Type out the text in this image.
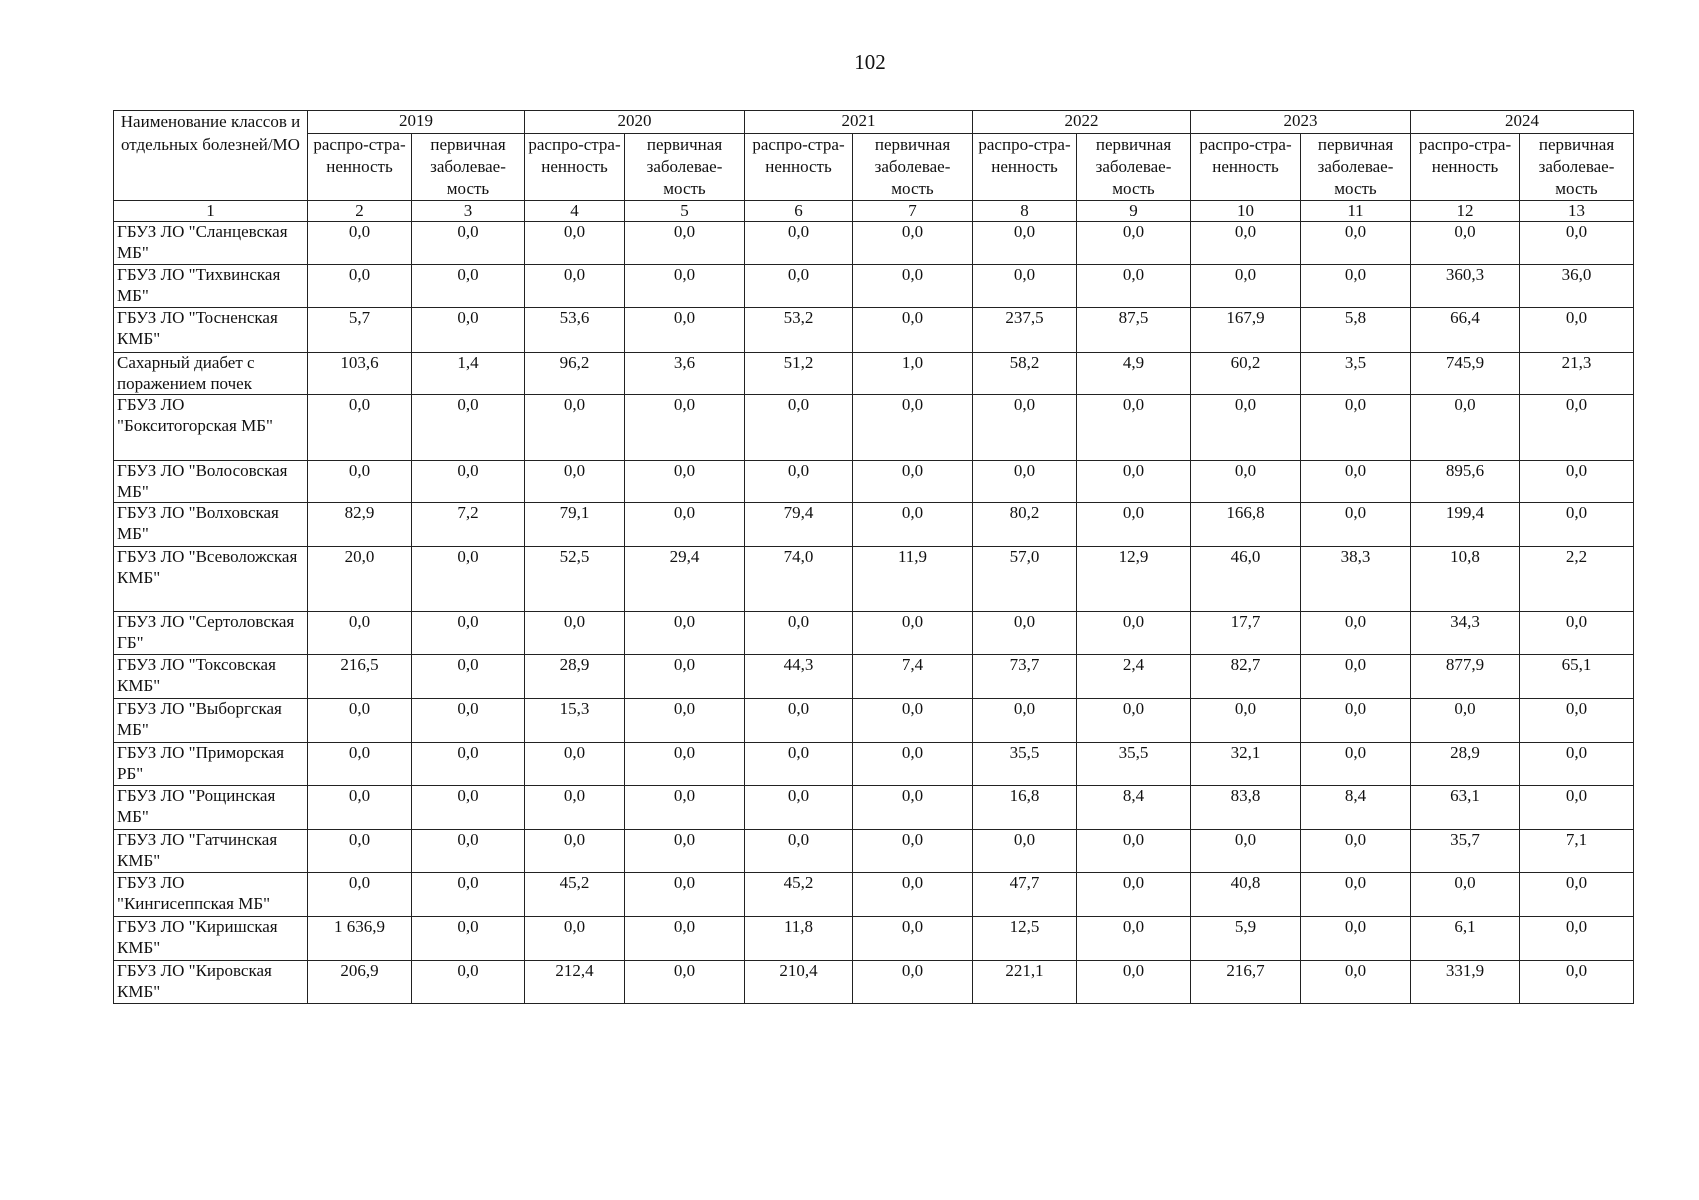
102
Наименование классов и отдельных болезней/МО	2019		2020		2021		2022		2023		2024	
	распро-стра-ненность	первичная заболевае-мость	распро-стра-ненность	первичная заболевае-мость	распро-стра-ненность	первичная заболевае-мость	распро-стра-ненность	первичная заболевае-мость	распро-стра-ненность	первичная заболевае-мость	распро-стра-ненность	первичная заболевае-мость
1	2	3	4	5	6	7	8	9	10	11	12	13
ГБУЗ ЛО "Сланцевская МБ"	0,0	0,0	0,0	0,0	0,0	0,0	0,0	0,0	0,0	0,0	0,0	0,0
ГБУЗ ЛО "Тихвинская МБ"	0,0	0,0	0,0	0,0	0,0	0,0	0,0	0,0	0,0	0,0	360,3	36,0
ГБУЗ ЛО "Тосненская КМБ"	5,7	0,0	53,6	0,0	53,2	0,0	237,5	87,5	167,9	5,8	66,4	0,0
Сахарный диабет с поражением почек	103,6	1,4	96,2	3,6	51,2	1,0	58,2	4,9	60,2	3,5	745,9	21,3
ГБУЗ ЛО "Бокситогорская МБ"	0,0	0,0	0,0	0,0	0,0	0,0	0,0	0,0	0,0	0,0	0,0	0,0
ГБУЗ ЛО "Волосовская МБ"	0,0	0,0	0,0	0,0	0,0	0,0	0,0	0,0	0,0	0,0	895,6	0,0
ГБУЗ ЛО "Волховская МБ"	82,9	7,2	79,1	0,0	79,4	0,0	80,2	0,0	166,8	0,0	199,4	0,0
ГБУЗ ЛО "Всеволожская КМБ"	20,0	0,0	52,5	29,4	74,0	11,9	57,0	12,9	46,0	38,3	10,8	2,2
ГБУЗ ЛО "Сертоловская ГБ"	0,0	0,0	0,0	0,0	0,0	0,0	0,0	0,0	17,7	0,0	34,3	0,0
ГБУЗ ЛО "Токсовская КМБ"	216,5	0,0	28,9	0,0	44,3	7,4	73,7	2,4	82,7	0,0	877,9	65,1
ГБУЗ ЛО "Выборгская МБ"	0,0	0,0	15,3	0,0	0,0	0,0	0,0	0,0	0,0	0,0	0,0	0,0
ГБУЗ ЛО "Приморская РБ"	0,0	0,0	0,0	0,0	0,0	0,0	35,5	35,5	32,1	0,0	28,9	0,0
ГБУЗ ЛО "Рощинская МБ"	0,0	0,0	0,0	0,0	0,0	0,0	16,8	8,4	83,8	8,4	63,1	0,0
ГБУЗ ЛО "Гатчинская КМБ"	0,0	0,0	0,0	0,0	0,0	0,0	0,0	0,0	0,0	0,0	35,7	7,1
ГБУЗ ЛО "Кингисеппская МБ"	0,0	0,0	45,2	0,0	45,2	0,0	47,7	0,0	40,8	0,0	0,0	0,0
ГБУЗ ЛО "Киришская КМБ"	1 636,9	0,0	0,0	0,0	11,8	0,0	12,5	0,0	5,9	0,0	6,1	0,0
ГБУЗ ЛО "Кировская КМБ"	206,9	0,0	212,4	0,0	210,4	0,0	221,1	0,0	216,7	0,0	331,9	0,0
